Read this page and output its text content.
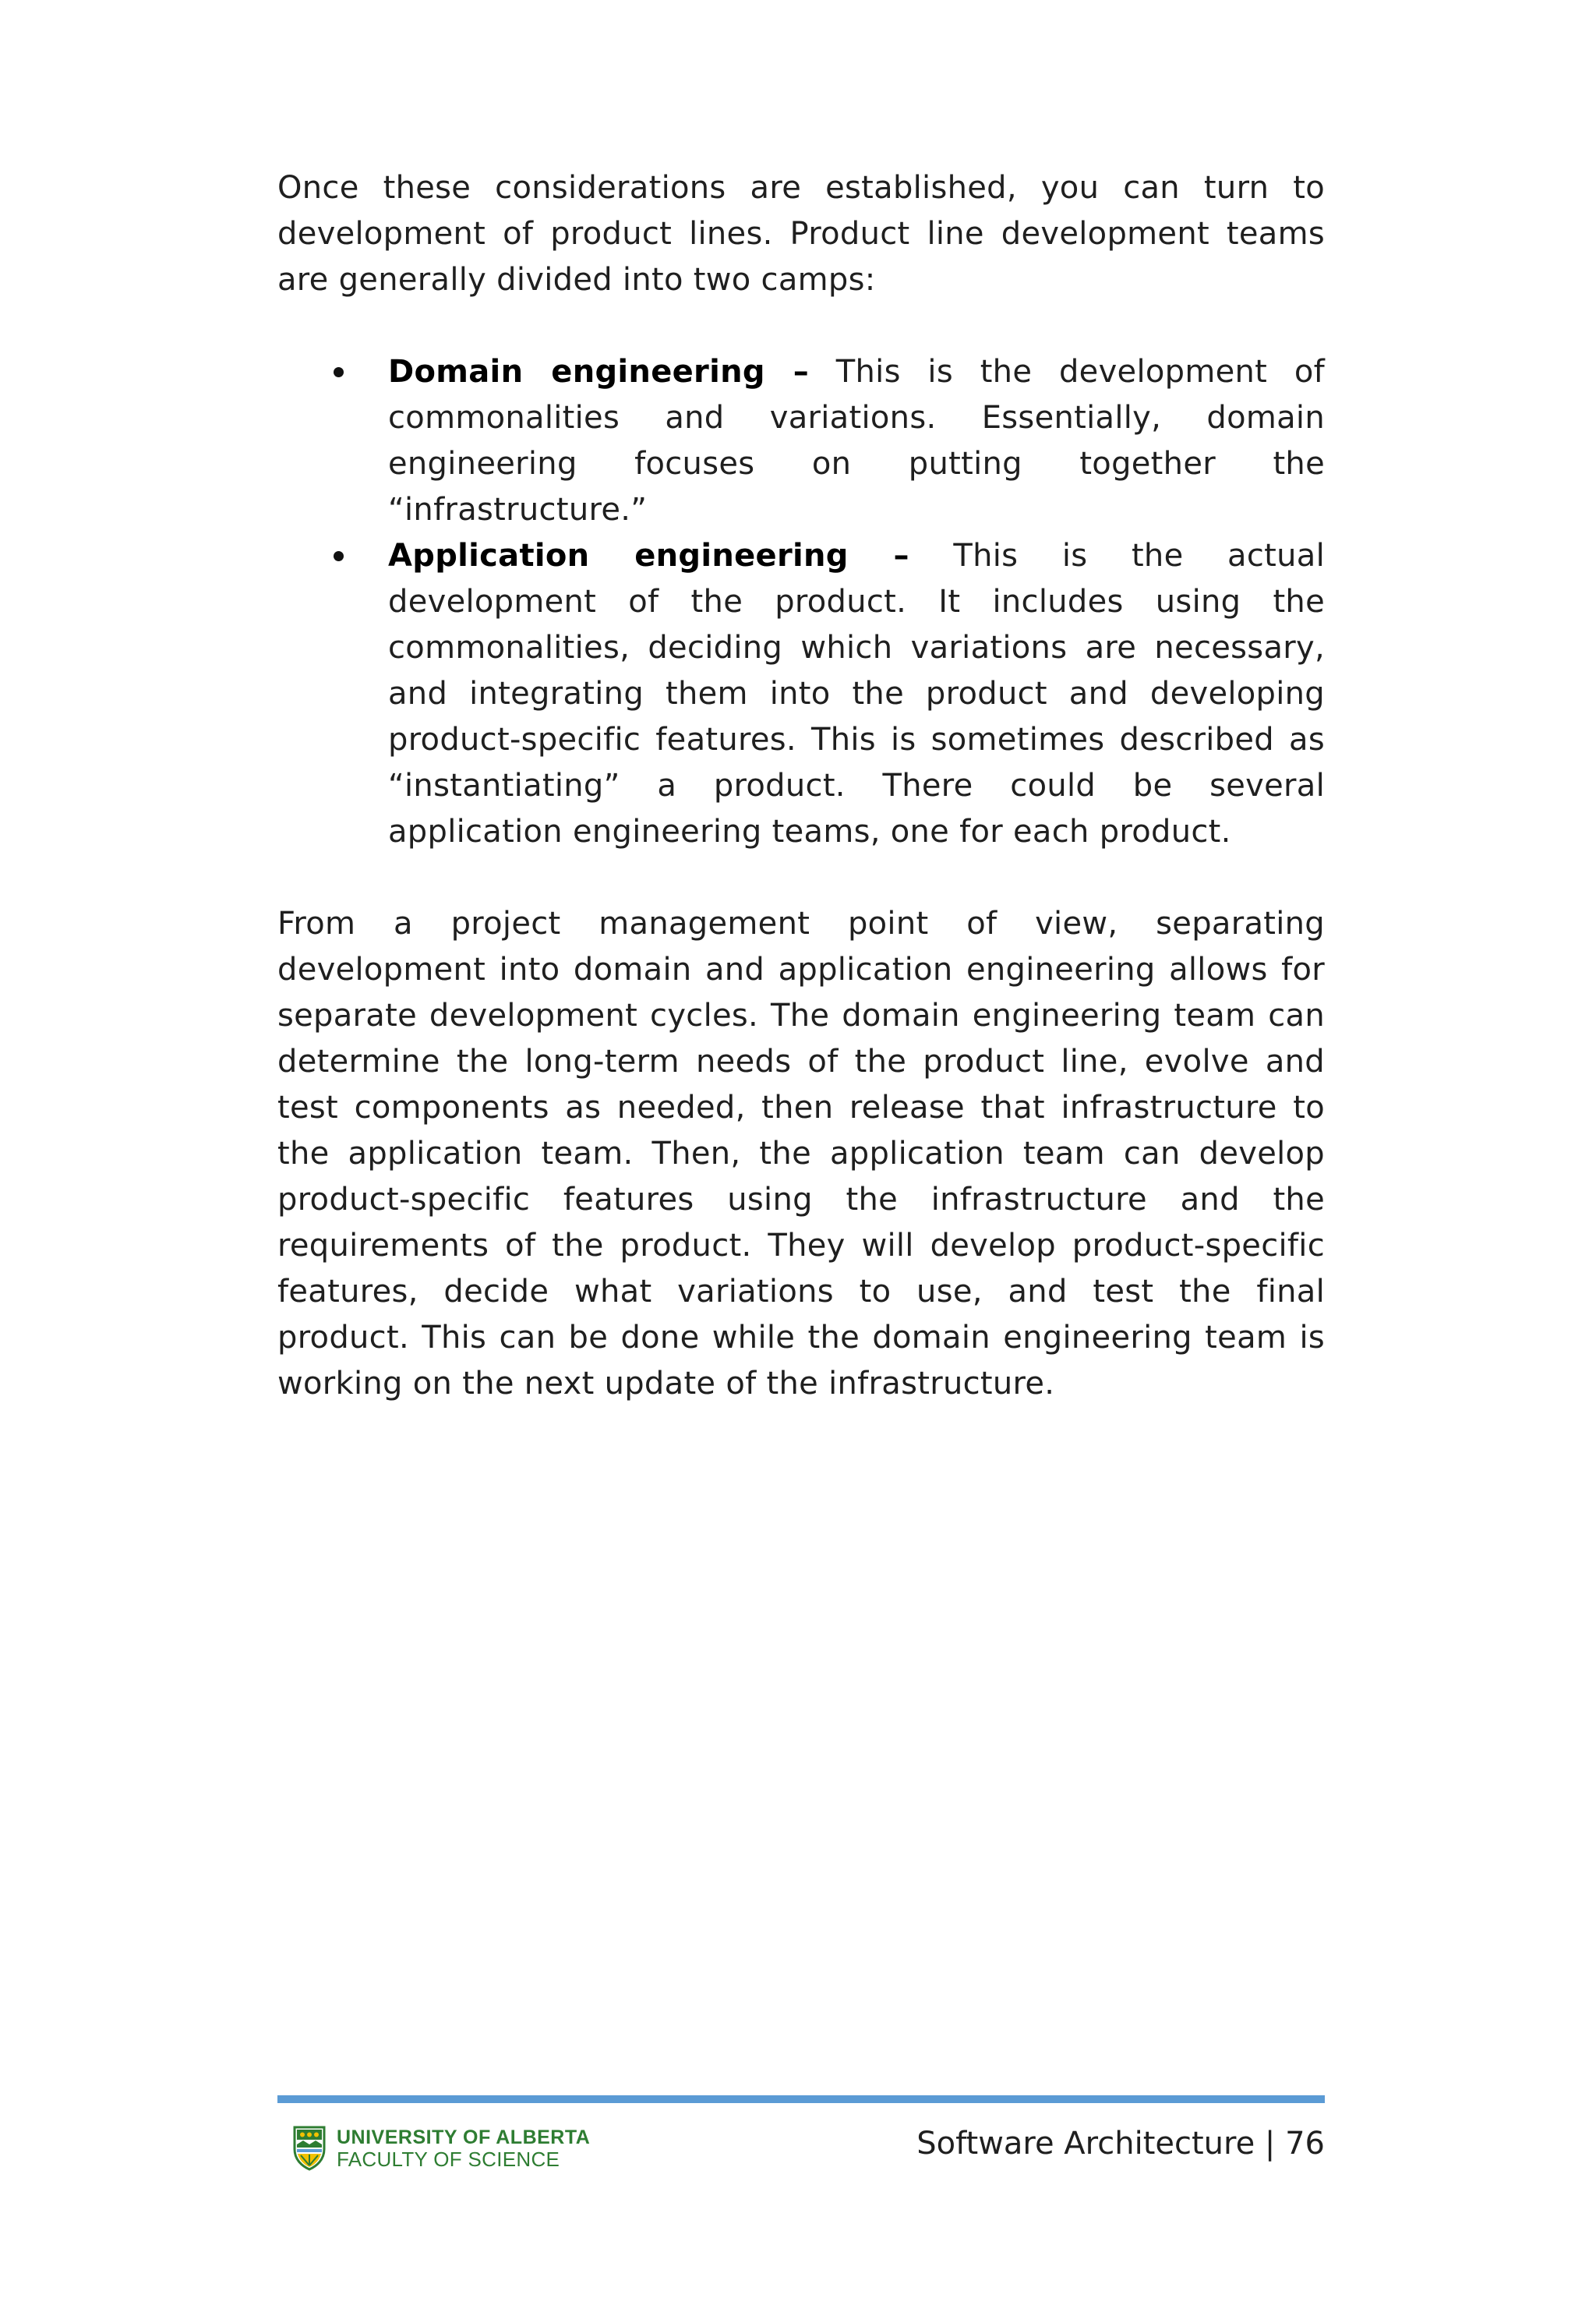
Once these considerations are established, you can turn to development of product lines. Product line development teams are generally divided into two camps:

Domain engineering – This is the development of commonalities and variations. Essentially, domain engineering focuses on putting together the “infrastructure.”
Application engineering – This is the actual development of the product. It includes using the commonalities, deciding which variations are necessary, and integrating them into the product and developing product-specific features. This is sometimes described as “instantiating” a product. There could be several application engineering teams, one for each product.

From a project management point of view, separating development into domain and application engineering allows for separate development cycles. The domain engineering team can determine the long-term needs of the product line, evolve and test components as needed, then release that infrastructure to the application team. Then, the application team can develop product-specific features using the infrastructure and the requirements of the product. They will develop product-specific features, decide what variations to use, and test the final product. This can be done while the domain engineering team is working on the next update of the infrastructure.

UNIVERSITY OF ALBERTA
FACULTY OF SCIENCE	Software Architecture | 76
